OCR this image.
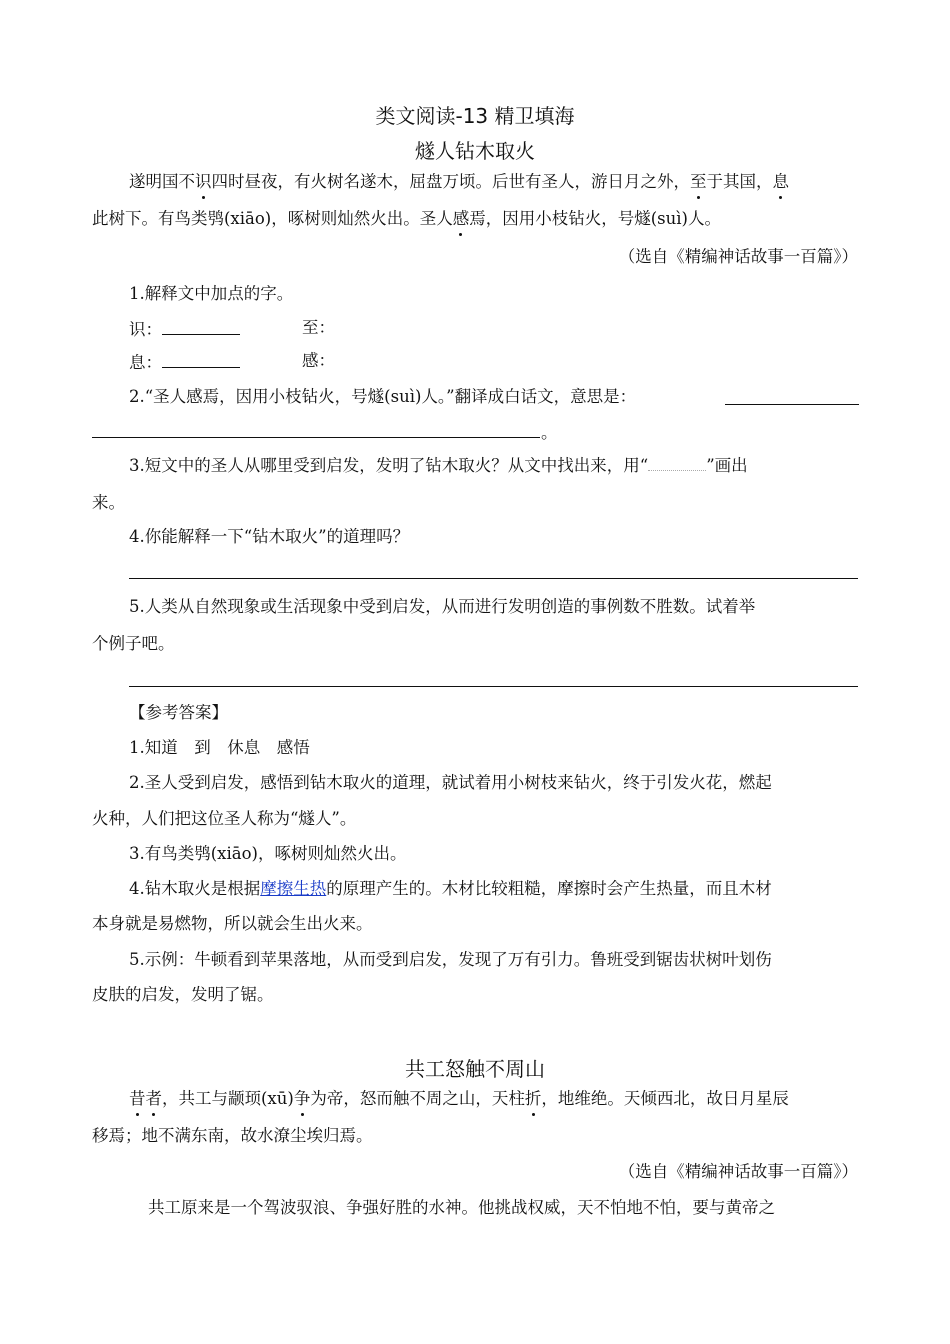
类文阅读-13 精卫填海
燧人钻木取火
遂明国不识四时昼夜，有火树名遂木，屈盘万顷。后世有圣人，游日月之外，至于其国，息
此树下。有鸟类鸮(xiāo)，啄树则灿然火出。圣人感焉，因用小枝钻火，号燧(suì)人。
（选自《精编神话故事一百篇》）
1.解释文中加点的字。
识：	至：
息：	感：
2.“圣人感焉，因用小枝钻火，号燧(suì)人。”翻译成白话文，意思是：
。
3.短文中的圣人从哪里受到启发，发明了钻木取火？从文中找出来，用“	”画出
来。
4.你能解释一下“钻木取火”的道理吗？
5.人类从自然现象或生活现象中受到启发，从而进行发明创造的事例数不胜数。试着举
个例子吧。
【参考答案】
1.知道　到　休息　感悟
2.圣人受到启发，感悟到钻木取火的道理，就试着用小树枝来钻火，终于引发火花，燃起
火种，人们把这位圣人称为“燧人”。
3.有鸟类鸮(xiāo)，啄树则灿然火出。
4.钻木取火是根据摩擦生热的原理产生的。木材比较粗糙，摩擦时会产生热量，而且木材
本身就是易燃物，所以就会生出火来。
5.示例：牛顿看到苹果落地，从而受到启发，发现了万有引力。鲁班受到锯齿状树叶划伤
皮肤的启发，发明了锯。
共工怒触不周山
昔者，共工与颛顼(xū)争为帝，怒而触不周之山，天柱折，地维绝。天倾西北，故日月星辰
移焉；地不满东南，故水潦尘埃归焉。
（选自《精编神话故事一百篇》）
共工原来是一个驾波驭浪、争强好胜的水神。他挑战权威，天不怕地不怕，要与黄帝之
